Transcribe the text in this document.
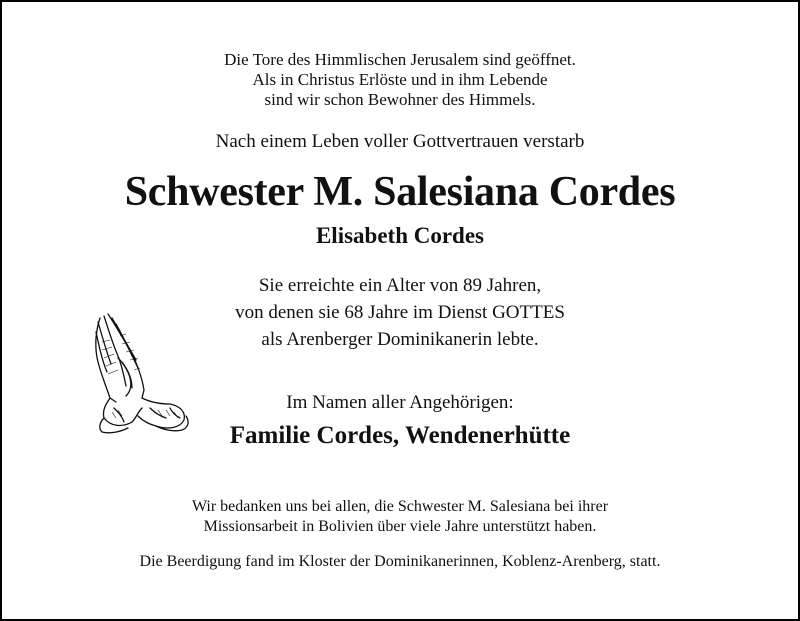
Die Tore des Himmlischen Jerusalem sind geöffnet.
Als in Christus Erlöste und in ihm Lebende
sind wir schon Bewohner des Himmels.
Nach einem Leben voller Gottvertrauen verstarb
Schwester M. Salesiana Cordes
Elisabeth Cordes
Sie erreichte ein Alter von 89 Jahren,
von denen sie 68 Jahre im Dienst GOTTES
als Arenberger Dominikanerin lebte.
Im Namen aller Angehörigen:
Familie Cordes, Wendenerhütte
Wir bedanken uns bei allen, die Schwester M. Salesiana bei ihrer
Missionsarbeit in Bolivien über viele Jahre unterstützt haben.
Die Beerdigung fand im Kloster der Dominikanerinnen, Koblenz-Arenberg, statt.
